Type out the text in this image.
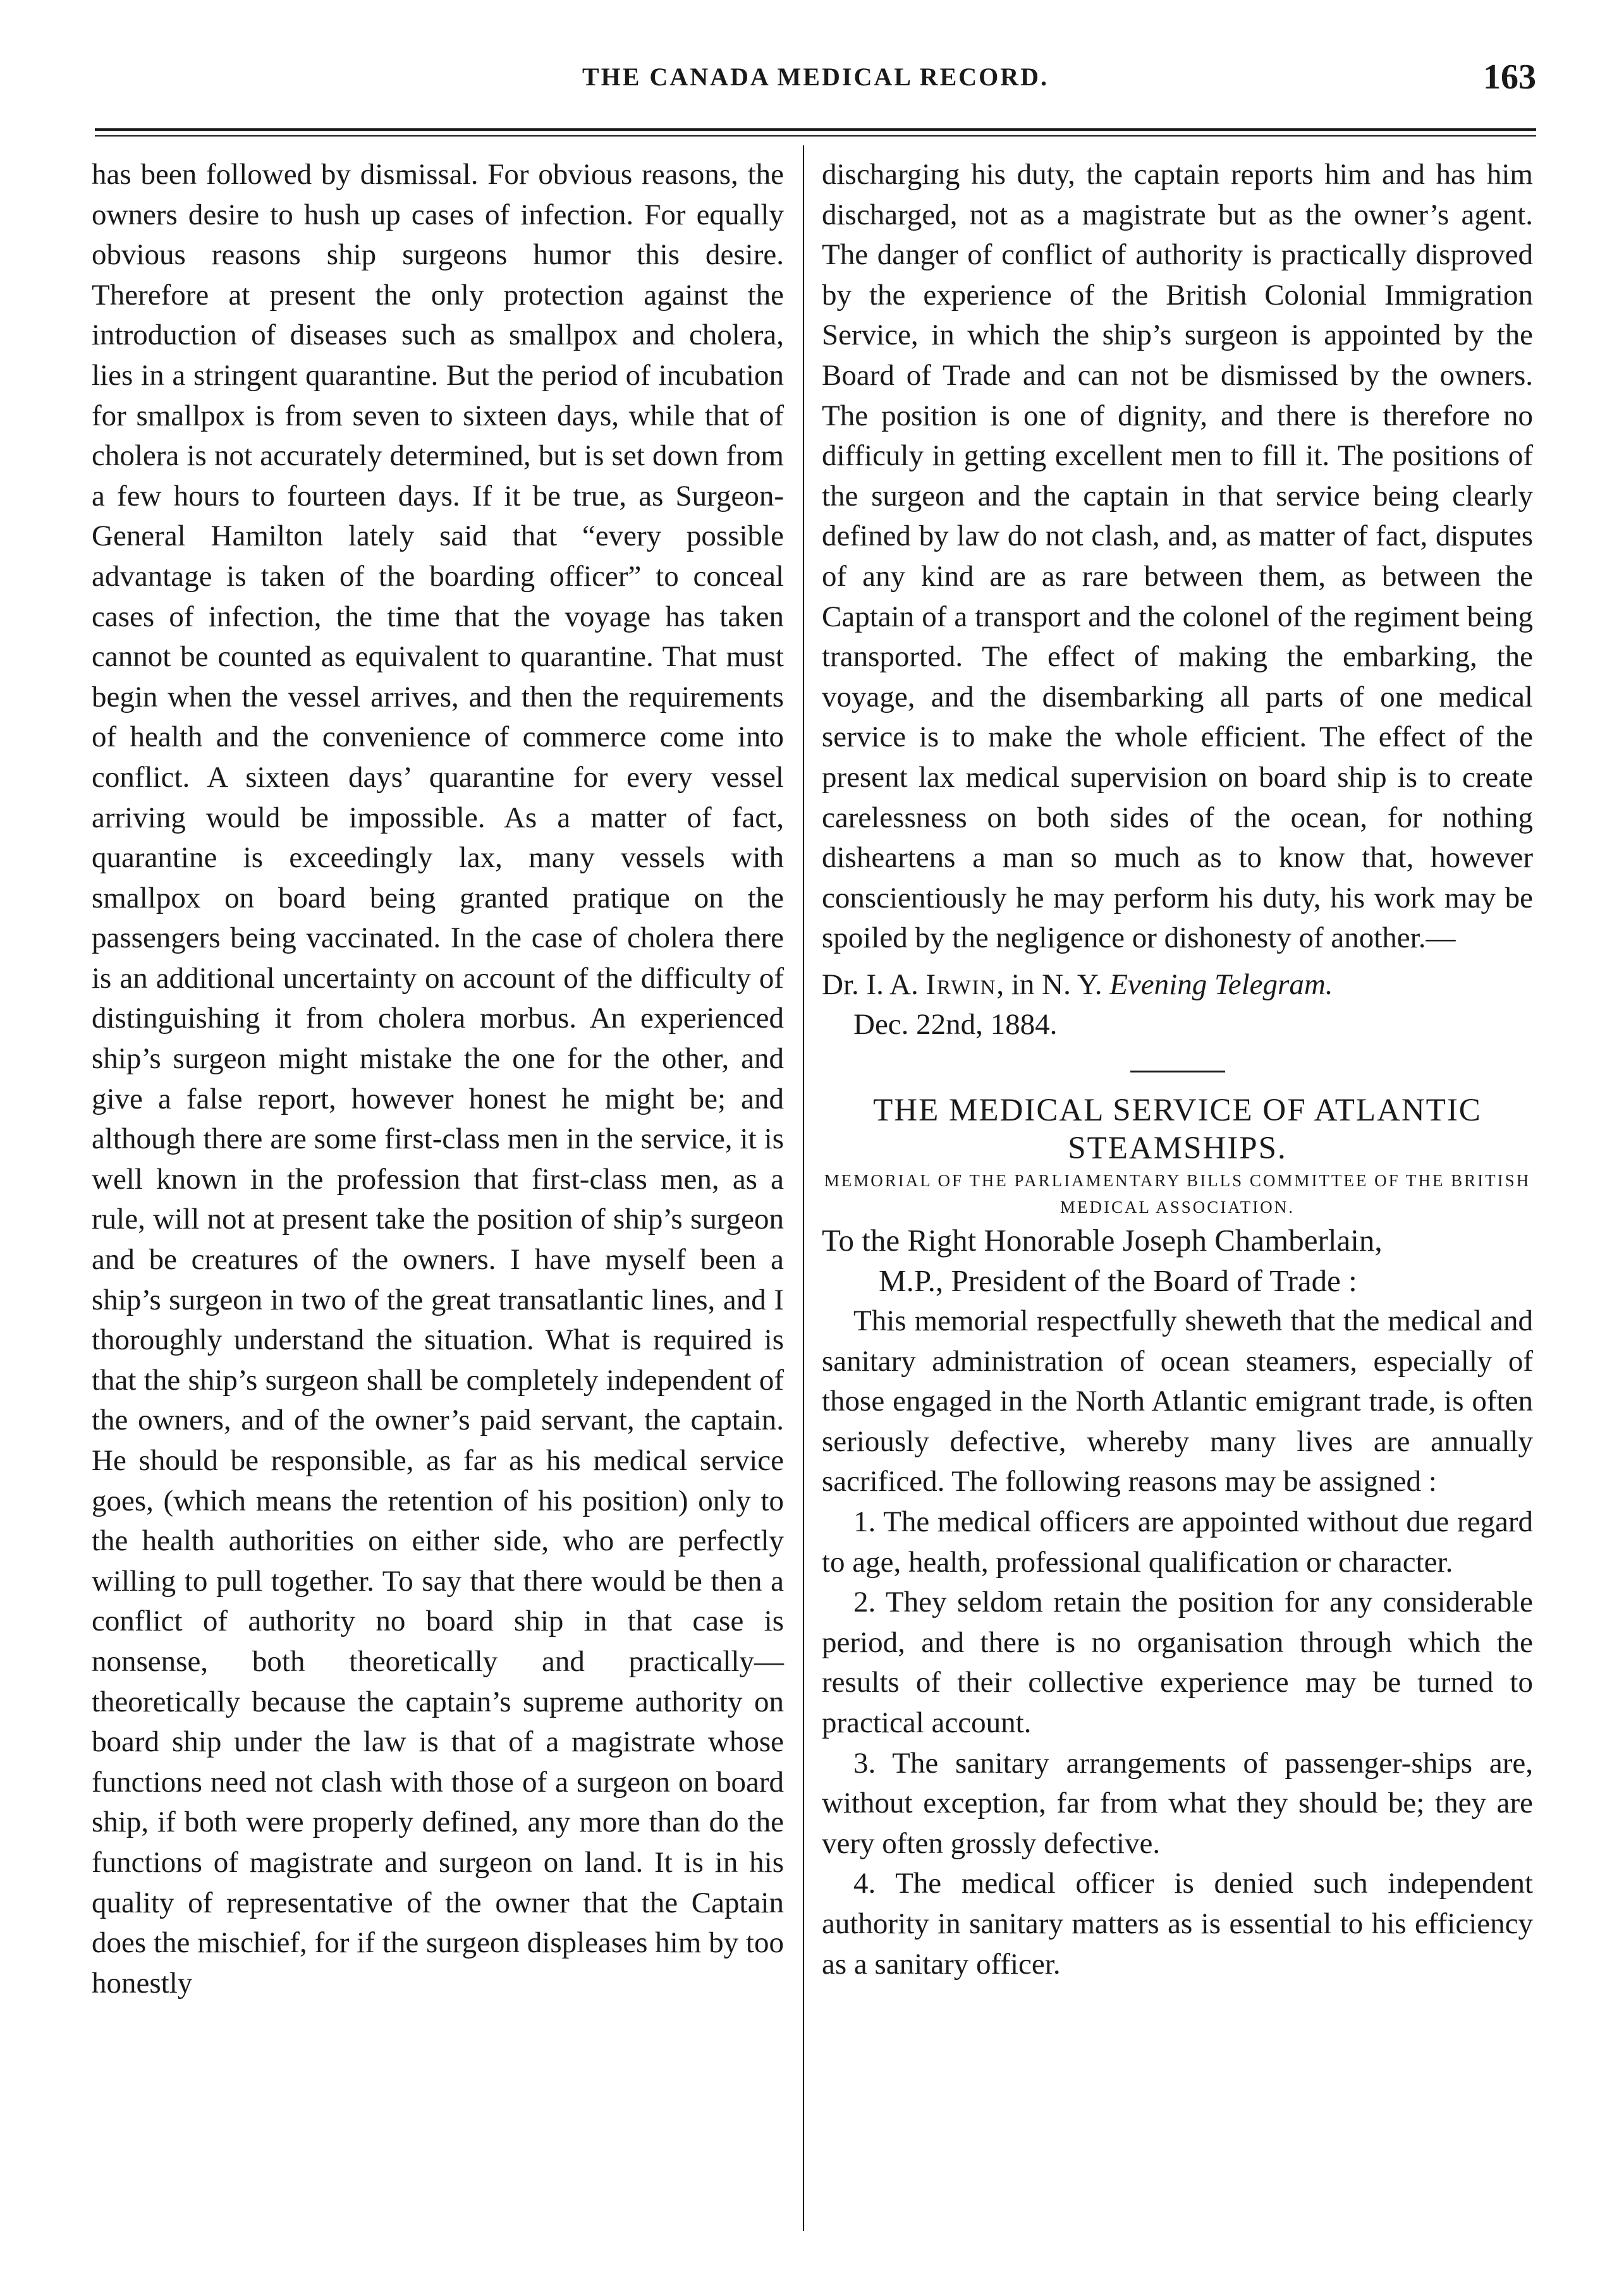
THE CANADA MEDICAL RECORD.	163

has been followed by dismissal. For obvious reasons, the owners desire to hush up cases of infection. For equally obvious reasons ship surgeons humor this desire. Therefore at present the only protection against the introduction of diseases such as smallpox and cholera, lies in a stringent quarantine. But the period of incubation for smallpox is from seven to sixteen days, while that of cholera is not accurately determined, but is set down from a few hours to fourteen days. If it be true, as Surgeon-General Hamilton lately said that “every possible advantage is taken of the boarding officer” to conceal cases of infection, the time that the voyage has taken cannot be counted as equivalent to quarantine. That must begin when the vessel arrives, and then the requirements of health and the convenience of commerce come into conflict. A sixteen days’ quarantine for every vessel arriving would be impossible. As a matter of fact, quarantine is exceedingly lax, many vessels with smallpox on board being granted pratique on the passengers being vaccinated. In the case of cholera there is an additional uncertainty on account of the difficulty of distinguishing it from cholera morbus. An experienced ship’s surgeon might mistake the one for the other, and give a false report, however honest he might be; and although there are some first-class men in the service, it is well known in the profession that first-class men, as a rule, will not at present take the position of ship’s surgeon and be creatures of the owners. I have myself been a ship’s surgeon in two of the great transatlantic lines, and I thoroughly understand the situation. What is required is that the ship’s surgeon shall be completely independent of the owners, and of the owner’s paid servant, the captain. He should be responsible, as far as his medical service goes, (which means the retention of his position) only to the health authorities on either side, who are perfectly willing to pull together. To say that there would be then a conflict of authority no board ship in that case is nonsense, both theoretically and practically—theoretically because the captain’s supreme authority on board ship under the law is that of a magistrate whose functions need not clash with those of a surgeon on board ship, if both were properly defined, any more than do the functions of magistrate and surgeon on land. It is in his quality of representative of the owner that the Captain does the mischief, for if the surgeon displeases him by too honestly

discharging his duty, the captain reports him and has him discharged, not as a magistrate but as the owner’s agent. The danger of conflict of authority is practically disproved by the experience of the British Colonial Immigration Service, in which the ship’s surgeon is appointed by the Board of Trade and can not be dismissed by the owners. The position is one of dignity, and there is therefore no difficuly in getting excellent men to fill it. The positions of the surgeon and the captain in that service being clearly defined by law do not clash, and, as matter of fact, disputes of any kind are as rare between them, as between the Captain of a transport and the colonel of the regiment being transported. The effect of making the embarking, the voyage, and the disembarking all parts of one medical service is to make the whole efficient. The effect of the present lax medical supervision on board ship is to create carelessness on both sides of the ocean, for nothing disheartens a man so much as to know that, however conscientiously he may perform his duty, his work may be spoiled by the negligence or dishonesty of another.—

Dr. I. A. Irwin, in N. Y. Evening Telegram.

Dec. 22nd, 1884.

THE MEDICAL SERVICE OF ATLANTIC STEAMSHIPS.

MEMORIAL OF THE PARLIAMENTARY BILLS COMMITTEE OF THE BRITISH MEDICAL ASSOCIATION.

To the Right Honorable Joseph Chamberlain,
M.P., President of the Board of Trade :

This memorial respectfully sheweth that the medical and sanitary administration of ocean steamers, especially of those engaged in the North Atlantic emigrant trade, is often seriously defective, whereby many lives are annually sacrificed. The following reasons may be assigned :

1. The medical officers are appointed without due regard to age, health, professional qualification or character.

2. They seldom retain the position for any considerable period, and there is no organisation through which the results of their collective experience may be turned to practical account.

3. The sanitary arrangements of passenger-ships are, without exception, far from what they should be; they are very often grossly defective.

4. The medical officer is denied such independent authority in sanitary matters as is essential to his efficiency as a sanitary officer.
